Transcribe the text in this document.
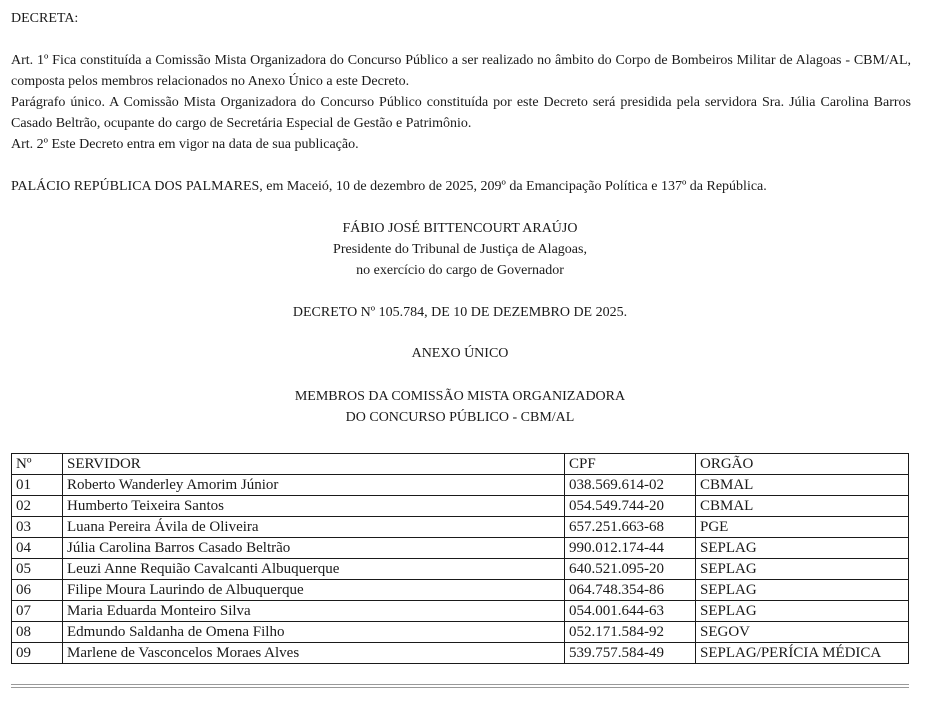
DECRETA:
Art. 1º Fica constituída a Comissão Mista Organizadora do Concurso Público a ser realizado no âmbito do Corpo de Bombeiros Militar de Alagoas - CBM/AL, composta pelos membros relacionados no Anexo Único a este Decreto.
Parágrafo único. A Comissão Mista Organizadora do Concurso Público constituída por este Decreto será presidida pela servidora Sra. Júlia Carolina Barros Casado Beltrão, ocupante do cargo de Secretária Especial de Gestão e Patrimônio.
Art. 2º Este Decreto entra em vigor na data de sua publicação.
PALÁCIO REPÚBLICA DOS PALMARES, em Maceió, 10 de dezembro de 2025, 209º da Emancipação Política e 137º da República.
FÁBIO JOSÉ BITTENCOURT ARAÚJO
Presidente do Tribunal de Justiça de Alagoas,
no exercício do cargo de Governador
DECRETO Nº 105.784, DE 10 DE DEZEMBRO DE 2025.
ANEXO ÚNICO
MEMBROS DA COMISSÃO MISTA ORGANIZADORA
DO CONCURSO PÚBLICO - CBM/AL
Nº	SERVIDOR	CPF	ORGÃO
01	Roberto Wanderley Amorim Júnior	038.569.614-02	CBMAL
02	Humberto Teixeira Santos	054.549.744-20	CBMAL
03	Luana Pereira Ávila de Oliveira	657.251.663-68	PGE
04	Júlia Carolina Barros Casado Beltrão	990.012.174-44	SEPLAG
05	Leuzi Anne Requião Cavalcanti Albuquerque	640.521.095-20	SEPLAG
06	Filipe Moura Laurindo de Albuquerque	064.748.354-86	SEPLAG
07	Maria Eduarda Monteiro Silva	054.001.644-63	SEPLAG
08	Edmundo Saldanha de Omena Filho	052.171.584-92	SEGOV
09	Marlene de Vasconcelos Moraes Alves	539.757.584-49	SEPLAG/PERÍCIA MÉDICA
